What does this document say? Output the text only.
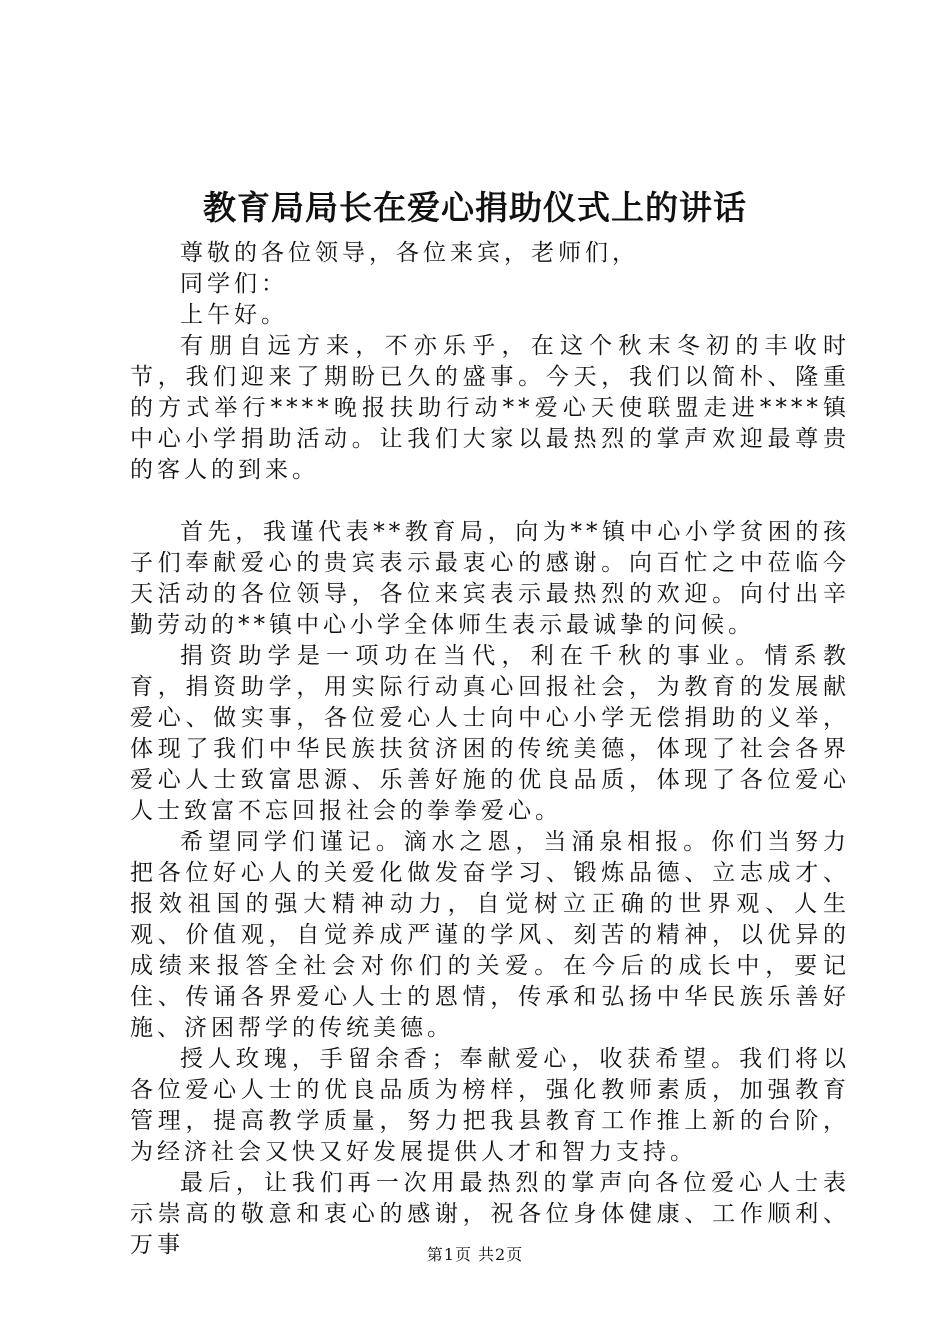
教育局局长在爱心捐助仪式上的讲话

尊敬的各位领导，各位来宾，老师们，

同学们：

上午好。

有朋自远方来，不亦乐乎，在这个秋末冬初的丰收时节，我们迎来了期盼已久的盛事。今天，我们以简朴、隆重的方式举行****晚报扶助行动**爱心天使联盟走进****镇中心小学捐助活动。让我们大家以最热烈的掌声欢迎最尊贵的客人的到来。

首先，我谨代表**教育局，向为**镇中心小学贫困的孩子们奉献爱心的贵宾表示最衷心的感谢。向百忙之中莅临今天活动的各位领导，各位来宾表示最热烈的欢迎。向付出辛勤劳动的**镇中心小学全体师生表示最诚挚的问候。

捐资助学是一项功在当代，利在千秋的事业。情系教育，捐资助学，用实际行动真心回报社会，为教育的发展献爱心、做实事，各位爱心人士向中心小学无偿捐助的义举，体现了我们中华民族扶贫济困的传统美德，体现了社会各界爱心人士致富思源、乐善好施的优良品质，体现了各位爱心人士致富不忘回报社会的拳拳爱心。

希望同学们谨记。滴水之恩，当涌泉相报。你们当努力把各位好心人的关爱化做发奋学习、锻炼品德、立志成才、报效祖国的强大精神动力，自觉树立正确的世界观、人生观、价值观，自觉养成严谨的学风、刻苦的精神，以优异的成绩来报答全社会对你们的关爱。在今后的成长中，要记住、传诵各界爱心人士的恩情，传承和弘扬中华民族乐善好施、济困帮学的传统美德。

授人玫瑰，手留余香；奉献爱心，收获希望。我们将以各位爱心人士的优良品质为榜样，强化教师素质，加强教育管理，提高教学质量，努力把我县教育工作推上新的台阶，为经济社会又快又好发展提供人才和智力支持。

最后，让我们再一次用最热烈的掌声向各位爱心人士表示崇高的敬意和衷心的感谢，祝各位身体健康、工作顺利、万事	第1页 共2页
